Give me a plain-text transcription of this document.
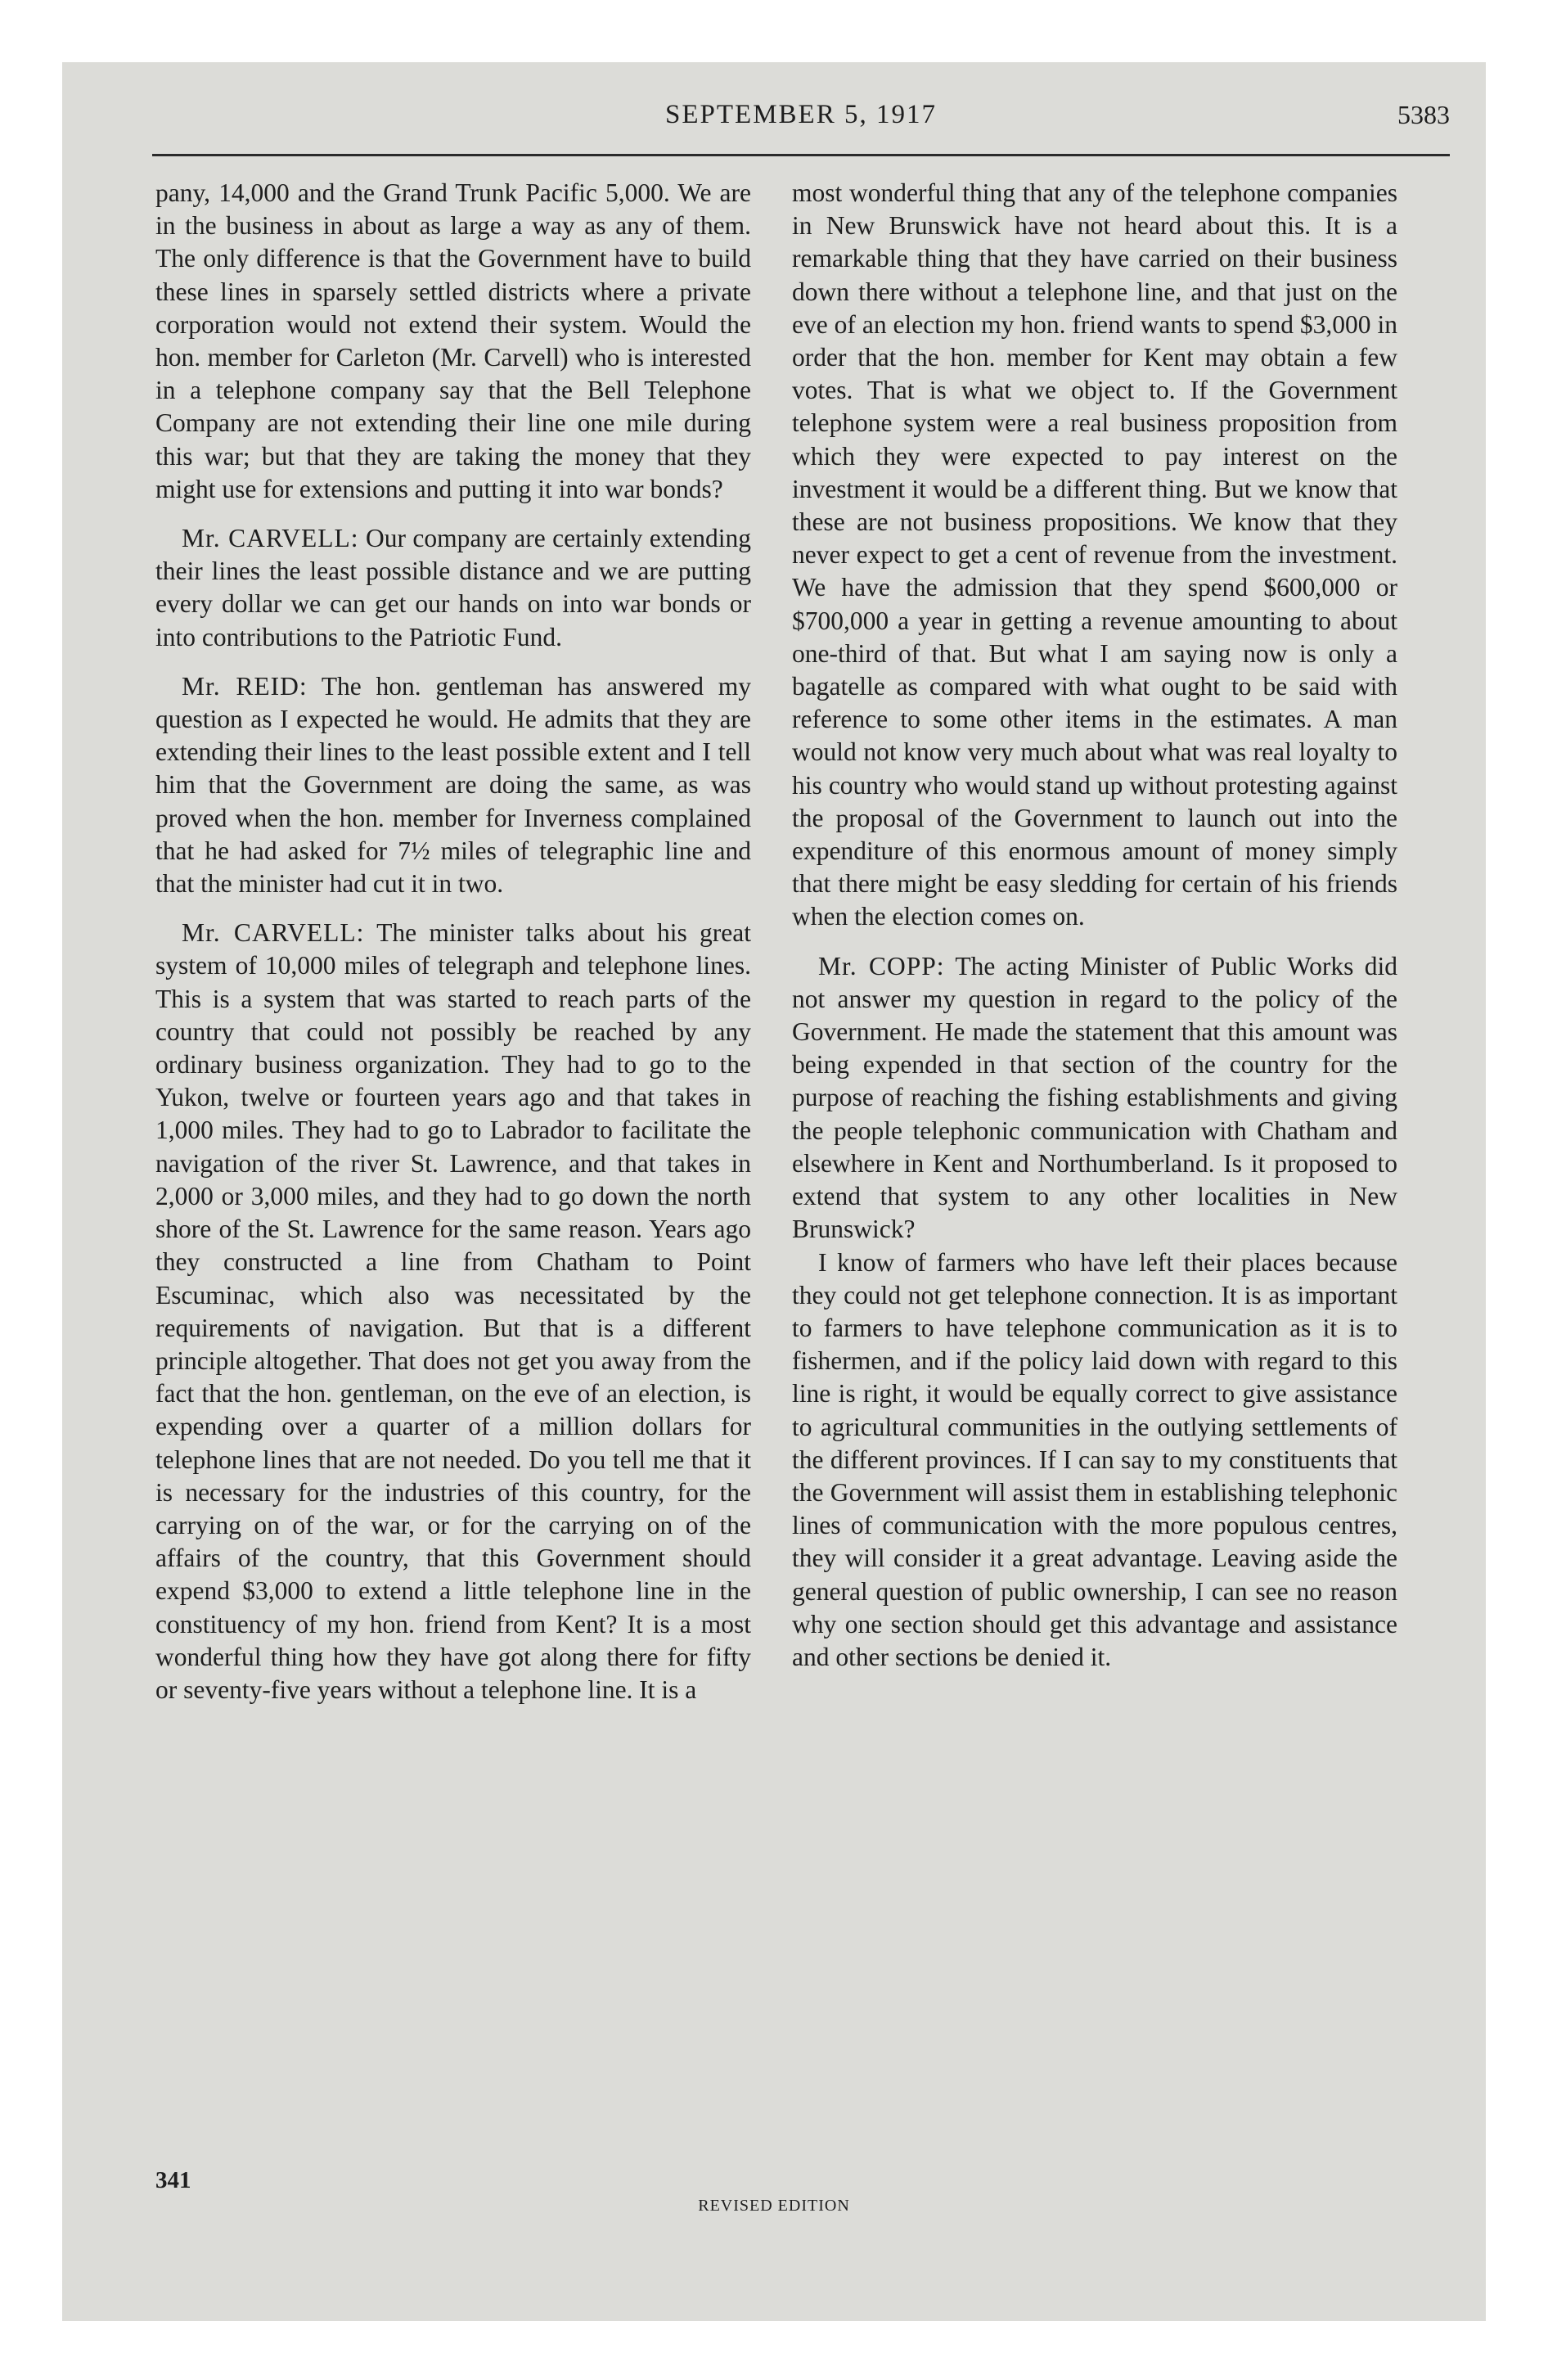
SEPTEMBER 5, 1917	5383

pany, 14,000 and the Grand Trunk Pacific 5,000. We are in the business in about as large a way as any of them. The only difference is that the Government have to build these lines in sparsely settled districts where a private corporation would not extend their system. Would the hon. member for Carleton (Mr. Carvell) who is interested in a telephone company say that the Bell Telephone Company are not extending their line one mile during this war; but that they are taking the money that they might use for extensions and putting it into war bonds?

Mr. CARVELL: Our company are certainly extending their lines the least possible distance and we are putting every dollar we can get our hands on into war bonds or into contributions to the Patriotic Fund.

Mr. REID: The hon. gentleman has answered my question as I expected he would. He admits that they are extending their lines to the least possible extent and I tell him that the Government are doing the same, as was proved when the hon. member for Inverness complained that he had asked for 7½ miles of telegraphic line and that the minister had cut it in two.

Mr. CARVELL: The minister talks about his great system of 10,000 miles of telegraph and telephone lines. This is a system that was started to reach parts of the country that could not possibly be reached by any ordinary business organization. They had to go to the Yukon, twelve or fourteen years ago and that takes in 1,000 miles. They had to go to Labrador to facilitate the navigation of the river St. Lawrence, and that takes in 2,000 or 3,000 miles, and they had to go down the north shore of the St. Lawrence for the same reason. Years ago they constructed a line from Chatham to Point Escuminac, which also was necessitated by the requirements of navigation. But that is a different principle altogether. That does not get you away from the fact that the hon. gentleman, on the eve of an election, is expending over a quarter of a million dollars for telephone lines that are not needed. Do you tell me that it is necessary for the industries of this country, for the carrying on of the war, or for the carrying on of the affairs of the country, that this Government should expend $3,000 to extend a little telephone line in the constituency of my hon. friend from Kent? It is a most wonderful thing how they have got along there for fifty or seventy-five years without a telephone line. It is a

most wonderful thing that any of the telephone companies in New Brunswick have not heard about this. It is a remarkable thing that they have carried on their business down there without a telephone line, and that just on the eve of an election my hon. friend wants to spend $3,000 in order that the hon. member for Kent may obtain a few votes. That is what we object to. If the Government telephone system were a real business proposition from which they were expected to pay interest on the investment it would be a different thing. But we know that these are not business propositions. We know that they never expect to get a cent of revenue from the investment. We have the admission that they spend $600,000 or $700,000 a year in getting a revenue amounting to about one-third of that. But what I am saying now is only a bagatelle as compared with what ought to be said with reference to some other items in the estimates. A man would not know very much about what was real loyalty to his country who would stand up without protesting against the proposal of the Government to launch out into the expenditure of this enormous amount of money simply that there might be easy sledding for certain of his friends when the election comes on.

Mr. COPP: The acting Minister of Public Works did not answer my question in regard to the policy of the Government. He made the statement that this amount was being expended in that section of the country for the purpose of reaching the fishing establishments and giving the people telephonic communication with Chatham and elsewhere in Kent and Northumberland. Is it proposed to extend that system to any other localities in New Brunswick?

I know of farmers who have left their places because they could not get telephone connection. It is as important to farmers to have telephone communication as it is to fishermen, and if the policy laid down with regard to this line is right, it would be equally correct to give assistance to agricultural communities in the outlying settlements of the different provinces. If I can say to my constituents that the Government will assist them in establishing telephonic lines of communication with the more populous centres, they will consider it a great advantage. Leaving aside the general question of public ownership, I can see no reason why one section should get this advantage and assistance and other sections be denied it.

341
REVISED EDITION
